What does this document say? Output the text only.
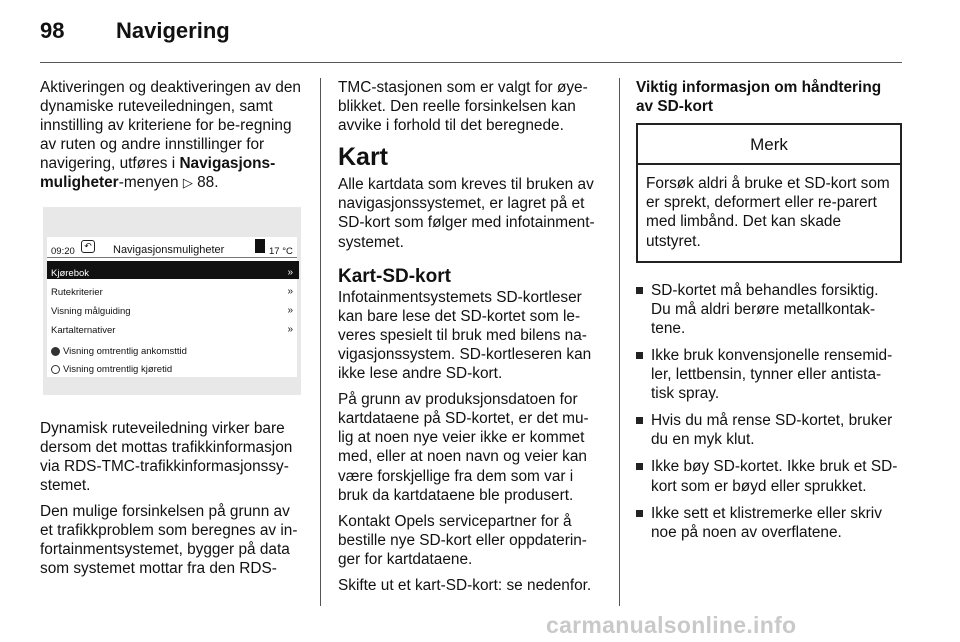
98 Navigering

Aktiveringen og deaktiveringen av den dynamiske ruteveiledningen, samt innstilling av kriteriene for be-regning av ruten og andre innstillinger for navigering, utføres i Navigasjons-muligheter-menyen ▷ 88.

09:20	↶ Navigasjonsmuligheter	17 °C
Kjørebok	»
Rutekriterier	»
Visning målguiding	»
Kartalternativer	»
Visning omtrentlig ankomsttid
Visning omtrentlig kjøretid

Dynamisk ruteveiledning virker bare dersom det mottas trafikkinformasjon via RDS-TMC-trafikkinformasjonssy-stemet.

Den mulige forsinkelsen på grunn av et trafikkproblem som beregnes av in-fortainmentsystemet, bygger på data som systemet mottar fra den RDS-

TMC-stasjonen som er valgt for øye-blikket. Den reelle forsinkelsen kan avvike i forhold til det beregnede.

Kart

Alle kartdata som kreves til bruken av navigasjonssystemet, er lagret på et SD-kort som følger med infotainment-systemet.

Kart-SD-kort

Infotainmentsystemets SD-kortleser kan bare lese det SD-kortet som le-veres spesielt til bruk med bilens na-vigasjonssystem. SD-kortleseren kan ikke lese andre SD-kort.

På grunn av produksjonsdatoen for kartdataene på SD-kortet, er det mu-lig at noen nye veier ikke er kommet med, eller at noen navn og veier kan være forskjellige fra dem som var i bruk da kartdataene ble produsert.

Kontakt Opels servicepartner for å bestille nye SD-kort eller oppdaterin-ger for kartdataene.

Skifte ut et kart-SD-kort: se nedenfor.

Viktig informasjon om håndtering av SD-kort

Merk
Forsøk aldri å bruke et SD-kort som er sprekt, deformert eller re-parert med limbånd. Det kan skade utstyret.
SD-kortet må behandles forsiktig. Du må aldri berøre metallkontak-tene.
Ikke bruk konvensjonelle rensemid-ler, lettbensin, tynner eller antista-tisk spray.
Hvis du må rense SD-kortet, bruker du en myk klut.
Ikke bøy SD-kortet. Ikke bruk et SD-kort som er bøyd eller sprukket.
Ikke sett et klistremerke eller skriv noe på noen av overflatene.
carmanualsonline.info
